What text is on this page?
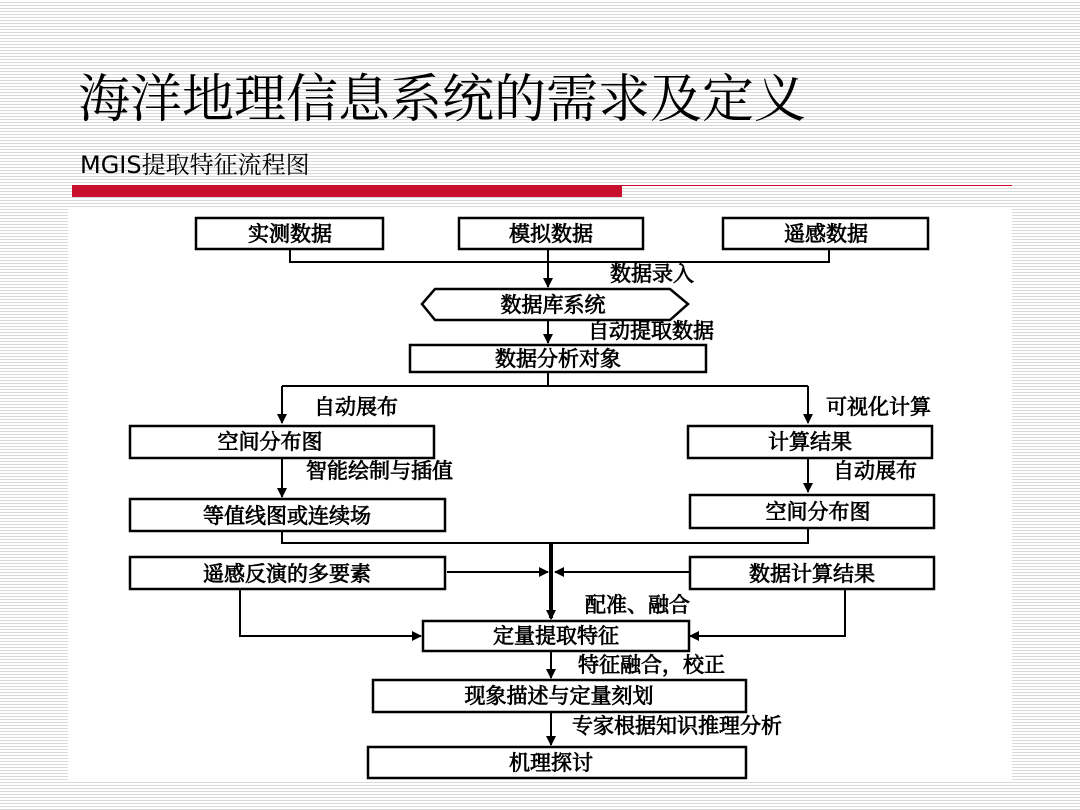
海洋地理信息系统的需求及定义
MGIS提取特征流程图
实测数据	模拟数据	遥感数据
数据库系统
数据分析对象
空间分布图	计算结果
等值线图或连续场	空间分布图
遥感反演的多要素	数据计算结果
定量提取特征
现象描述与定量刻划
机理探讨
数据录入
自动提取数据
自动展布	可视化计算
智能绘制与插值	自动展布
配准、融合
特征融合，校正
专家根据知识推理分析
